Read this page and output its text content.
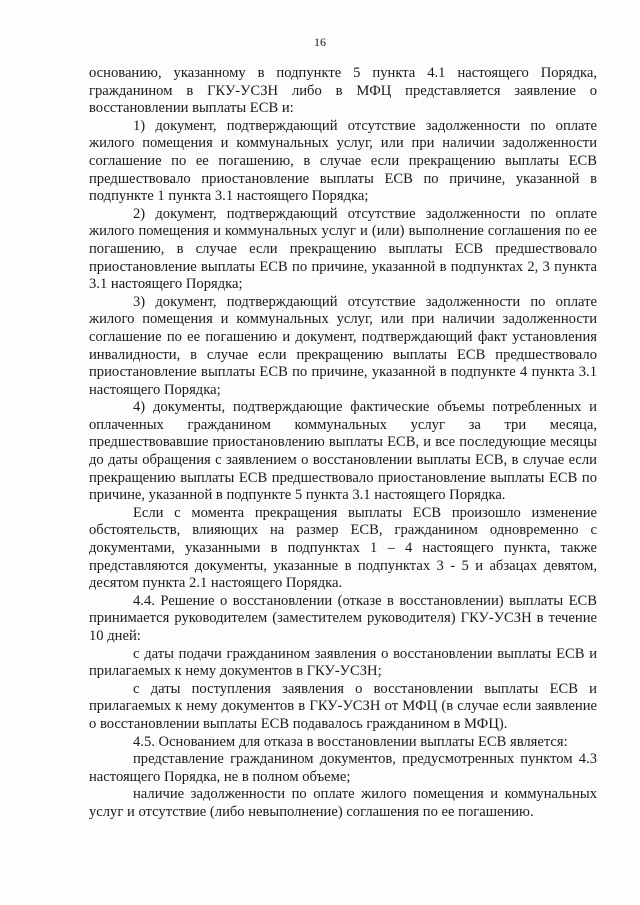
16

основанию, указанному в подпункте 5 пункта 4.1 настоящего Порядка, гражданином в ГКУ-УСЗН либо в МФЦ представляется заявление о восстановлении выплаты ЕСВ и:

1) документ, подтверждающий отсутствие задолженности по оплате жилого помещения и коммунальных услуг, или при наличии задолженности соглашение по ее погашению, в случае если прекращению выплаты ЕСВ предшествовало приостановление выплаты ЕСВ по причине, указанной в подпункте 1 пункта 3.1 настоящего Порядка;

2) документ, подтверждающий отсутствие задолженности по оплате жилого помещения и коммунальных услуг и (или) выполнение соглашения по ее погашению, в случае если прекращению выплаты ЕСВ предшествовало приостановление выплаты ЕСВ по причине, указанной в подпунктах 2, 3 пункта 3.1 настоящего Порядка;

3) документ, подтверждающий отсутствие задолженности по оплате жилого помещения и коммунальных услуг, или при наличии задолженности соглашение по ее погашению и документ, подтверждающий факт установления инвалидности, в случае если прекращению выплаты ЕСВ предшествовало приостановление выплаты ЕСВ по причине, указанной в подпункте 4 пункта 3.1 настоящего Порядка;

4) документы, подтверждающие фактические объемы потребленных и оплаченных гражданином коммунальных услуг за три месяца, предшествовавшие приостановлению выплаты ЕСВ, и все последующие месяцы до даты обращения с заявлением о восстановлении выплаты ЕСВ, в случае если прекращению выплаты ЕСВ предшествовало приостановление выплаты ЕСВ по причине, указанной в подпункте 5 пункта 3.1 настоящего Порядка.

Если с момента прекращения выплаты ЕСВ произошло изменение обстоятельств, влияющих на размер ЕСВ, гражданином одновременно с документами, указанными в подпунктах 1 – 4 настоящего пункта, также представляются документы, указанные в подпунктах 3 - 5 и абзацах девятом, десятом пункта 2.1 настоящего Порядка.

4.4. Решение о восстановлении (отказе в восстановлении) выплаты ЕСВ принимается руководителем (заместителем руководителя) ГКУ-УСЗН в течение 10 дней:

с даты подачи гражданином заявления о восстановлении выплаты ЕСВ и прилагаемых к нему документов в ГКУ-УСЗН;

с даты поступления заявления о восстановлении выплаты ЕСВ и прилагаемых к нему документов в ГКУ-УСЗН от МФЦ (в случае если заявление о восстановлении выплаты ЕСВ подавалось гражданином в МФЦ).

4.5. Основанием для отказа в восстановлении выплаты ЕСВ является:

представление гражданином документов, предусмотренных пунктом 4.3 настоящего Порядка, не в полном объеме;

наличие задолженности по оплате жилого помещения и коммунальных услуг и отсутствие (либо невыполнение) соглашения по ее погашению.
